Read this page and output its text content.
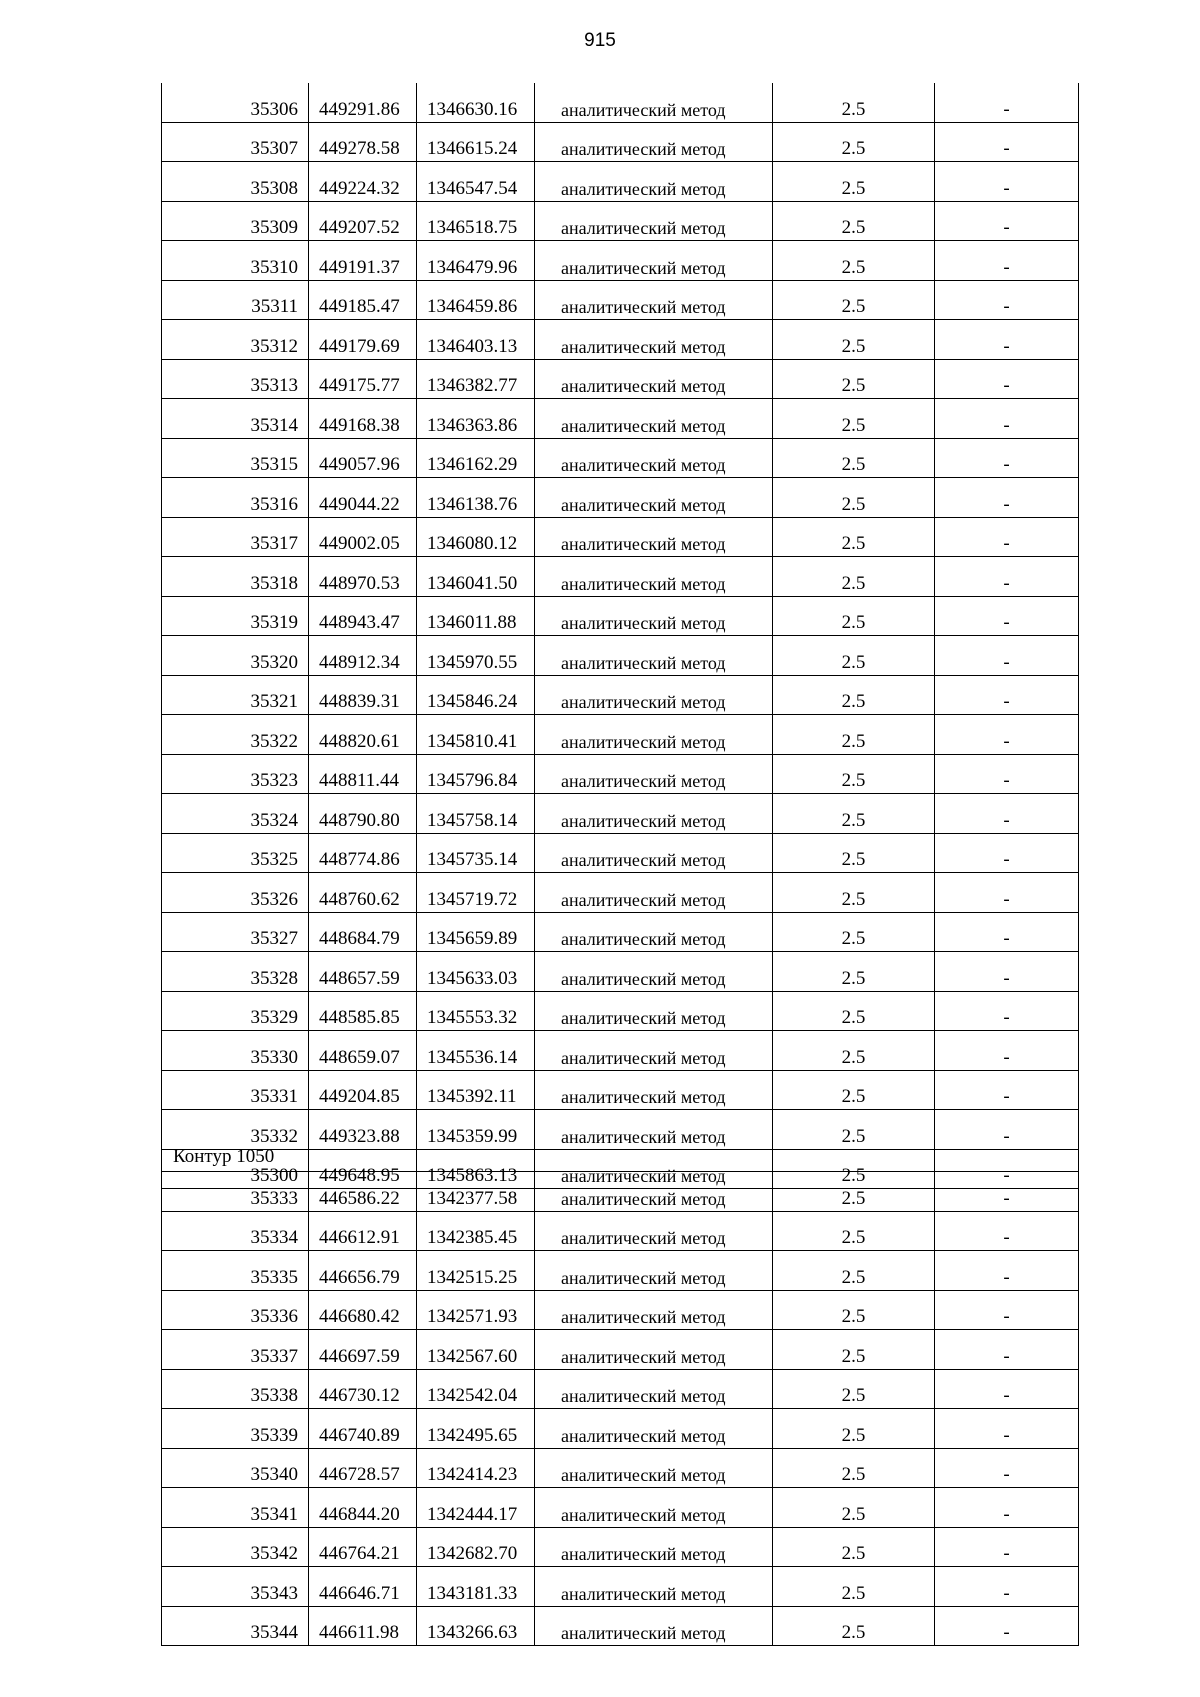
915
35306	449291.86	1346630.16	аналитический метод	2.5	-
35307	449278.58	1346615.24	аналитический метод	2.5	-
35308	449224.32	1346547.54	аналитический метод	2.5	-
35309	449207.52	1346518.75	аналитический метод	2.5	-
35310	449191.37	1346479.96	аналитический метод	2.5	-
35311	449185.47	1346459.86	аналитический метод	2.5	-
35312	449179.69	1346403.13	аналитический метод	2.5	-
35313	449175.77	1346382.77	аналитический метод	2.5	-
35314	449168.38	1346363.86	аналитический метод	2.5	-
35315	449057.96	1346162.29	аналитический метод	2.5	-
35316	449044.22	1346138.76	аналитический метод	2.5	-
35317	449002.05	1346080.12	аналитический метод	2.5	-
35318	448970.53	1346041.50	аналитический метод	2.5	-
35319	448943.47	1346011.88	аналитический метод	2.5	-
35320	448912.34	1345970.55	аналитический метод	2.5	-
35321	448839.31	1345846.24	аналитический метод	2.5	-
35322	448820.61	1345810.41	аналитический метод	2.5	-
35323	448811.44	1345796.84	аналитический метод	2.5	-
35324	448790.80	1345758.14	аналитический метод	2.5	-
35325	448774.86	1345735.14	аналитический метод	2.5	-
35326	448760.62	1345719.72	аналитический метод	2.5	-
35327	448684.79	1345659.89	аналитический метод	2.5	-
35328	448657.59	1345633.03	аналитический метод	2.5	-
35329	448585.85	1345553.32	аналитический метод	2.5	-
35330	448659.07	1345536.14	аналитический метод	2.5	-
35331	449204.85	1345392.11	аналитический метод	2.5	-
35332	449323.88	1345359.99	аналитический метод	2.5	-
35300	449648.95	1345863.13	аналитический метод	2.5	-
Контур 1050
35333	446586.22	1342377.58	аналитический метод	2.5	-
35334	446612.91	1342385.45	аналитический метод	2.5	-
35335	446656.79	1342515.25	аналитический метод	2.5	-
35336	446680.42	1342571.93	аналитический метод	2.5	-
35337	446697.59	1342567.60	аналитический метод	2.5	-
35338	446730.12	1342542.04	аналитический метод	2.5	-
35339	446740.89	1342495.65	аналитический метод	2.5	-
35340	446728.57	1342414.23	аналитический метод	2.5	-
35341	446844.20	1342444.17	аналитический метод	2.5	-
35342	446764.21	1342682.70	аналитический метод	2.5	-
35343	446646.71	1343181.33	аналитический метод	2.5	-
35344	446611.98	1343266.63	аналитический метод	2.5	-
